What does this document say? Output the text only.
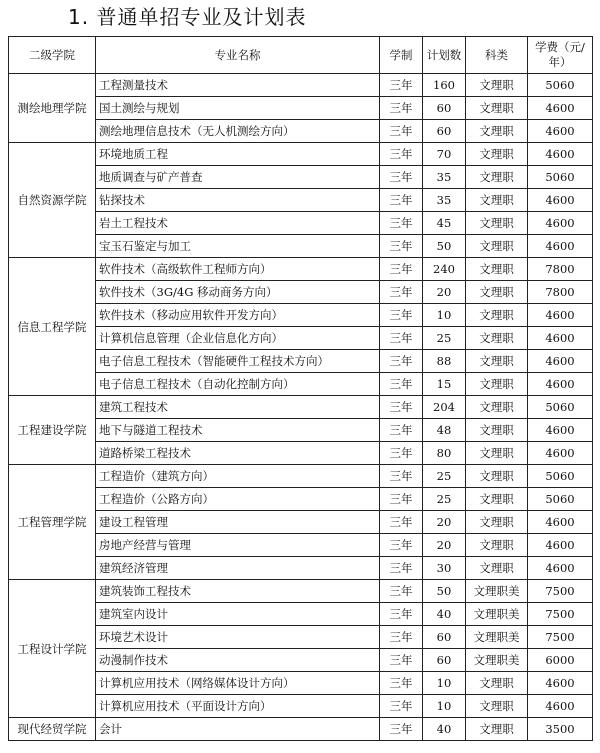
1. 普通单招专业及计划表
二级学院	专业名称	学制	计划数	科类	学费（元/年）
测绘地理学院	工程测量技术	三年	160	文理职	5060
	国土测绘与规划	三年	60	文理职	4600
	测绘地理信息技术（无人机测绘方向）	三年	60	文理职	4600
自然资源学院	环境地质工程	三年	70	文理职	4600
	地质调查与矿产普查	三年	35	文理职	5060
	钻探技术	三年	35	文理职	4600
	岩土工程技术	三年	45	文理职	4600
	宝玉石鉴定与加工	三年	50	文理职	4600
信息工程学院	软件技术（高级软件工程师方向）	三年	240	文理职	7800
	软件技术（3G/4G 移动商务方向）	三年	20	文理职	7800
	软件技术（移动应用软件开发方向）	三年	10	文理职	4600
	计算机信息管理（企业信息化方向）	三年	25	文理职	4600
	电子信息工程技术（智能硬件工程技术方向）	三年	88	文理职	4600
	电子信息工程技术（自动化控制方向）	三年	15	文理职	4600
工程建设学院	建筑工程技术	三年	204	文理职	5060
	地下与隧道工程技术	三年	48	文理职	4600
	道路桥梁工程技术	三年	80	文理职	4600
工程管理学院	工程造价（建筑方向）	三年	25	文理职	5060
	工程造价（公路方向）	三年	25	文理职	5060
	建设工程管理	三年	20	文理职	4600
	房地产经营与管理	三年	20	文理职	4600
	建筑经济管理	三年	30	文理职	4600
工程设计学院	建筑装饰工程技术	三年	50	文理职美	7500
	建筑室内设计	三年	40	文理职美	7500
	环境艺术设计	三年	60	文理职美	7500
	动漫制作技术	三年	60	文理职美	6000
	计算机应用技术（网络媒体设计方向）	三年	10	文理职	4600
	计算机应用技术（平面设计方向）	三年	10	文理职	4600
现代经贸学院	会计	三年	40	文理职	3500
